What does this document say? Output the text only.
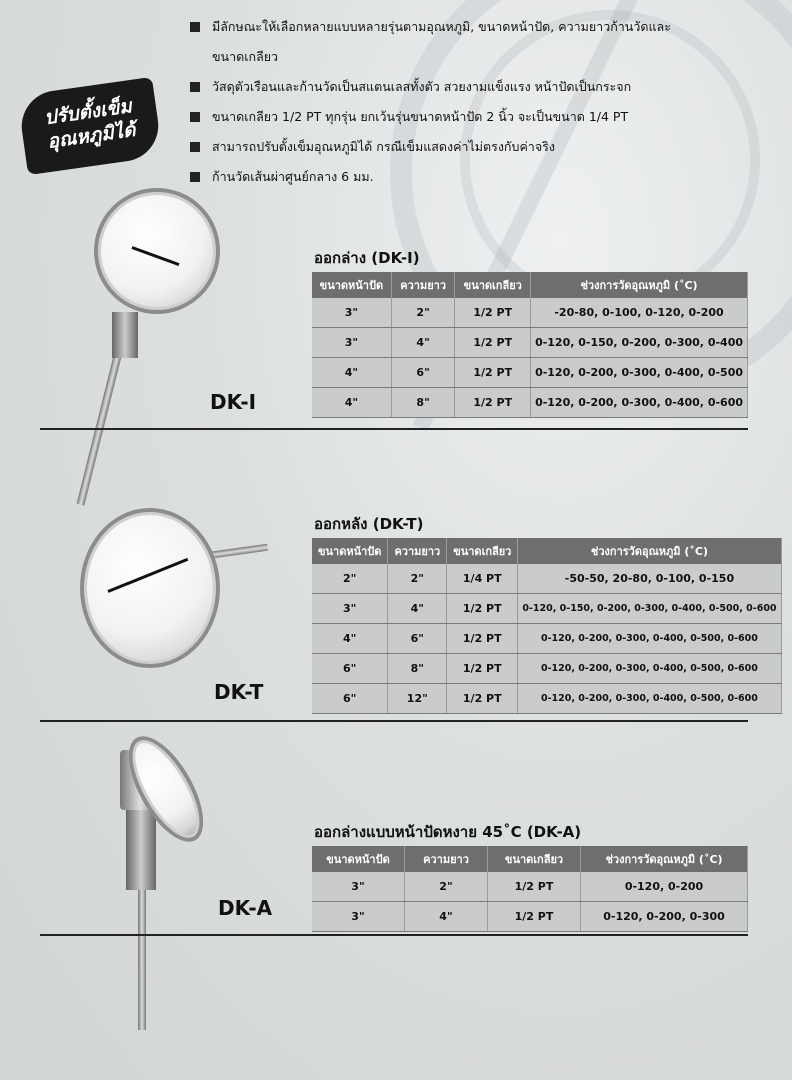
มีลักษณะให้เลือกหลายแบบหลายรุ่นตามอุณหภูมิ, ขนาดหน้าปัด, ความยาวก้านวัดและ
ขนาดเกลียว
วัสดุตัวเรือนและก้านวัดเป็นสแตนเลสทั้งตัว สวยงามแข็งแรง หน้าปัดเป็นกระจก
ขนาดเกลียว 1/2 PT ทุกรุ่น ยกเว้นรุ่นขนาดหน้าปัด 2 นิ้ว จะเป็นขนาด 1/4 PT
สามารถปรับตั้งเข็มอุณหภูมิได้ กรณีเข็มแสดงค่าไม่ตรงกับค่าจริง
ก้านวัดเส้นผ่าศูนย์กลาง 6 มม.
ปรับตั้งเข็ม
อุณหภูมิได้
ออกล่าง (DK-I)
ขนาดหน้าปัด	ความยาว	ขนาดเกลียว	ช่วงการวัดอุณหภูมิ (˚C)
3"	2"	1/2 PT	-20-80, 0-100, 0-120, 0-200
3"	4"	1/2 PT	0-120, 0-150, 0-200, 0-300, 0-400
4"	6"	1/2 PT	0-120, 0-200, 0-300, 0-400, 0-500
4"	8"	1/2 PT	0-120, 0-200, 0-300, 0-400, 0-600
DK-I
ออกหลัง (DK-T)
ขนาดหน้าปัด	ความยาว	ขนาดเกลียว	ช่วงการวัดอุณหภูมิ (˚C)
2"	2"	1/4 PT	-50-50, 20-80, 0-100, 0-150
3"	4"	1/2 PT	0-120, 0-150, 0-200, 0-300, 0-400, 0-500, 0-600
4"	6"	1/2 PT	0-120, 0-200, 0-300, 0-400, 0-500, 0-600
6"	8"	1/2 PT	0-120, 0-200, 0-300, 0-400, 0-500, 0-600
6"	12"	1/2 PT	0-120, 0-200, 0-300, 0-400, 0-500, 0-600
DK-T
ออกล่างแบบหน้าปัดหงาย 45˚C (DK-A)
ขนาดหน้าปัด	ความยาว	ขนาดเกลียว	ช่วงการวัดอุณหภูมิ (˚C)
3"	2"	1/2 PT	0-120, 0-200
3"	4"	1/2 PT	0-120, 0-200, 0-300
DK-A
